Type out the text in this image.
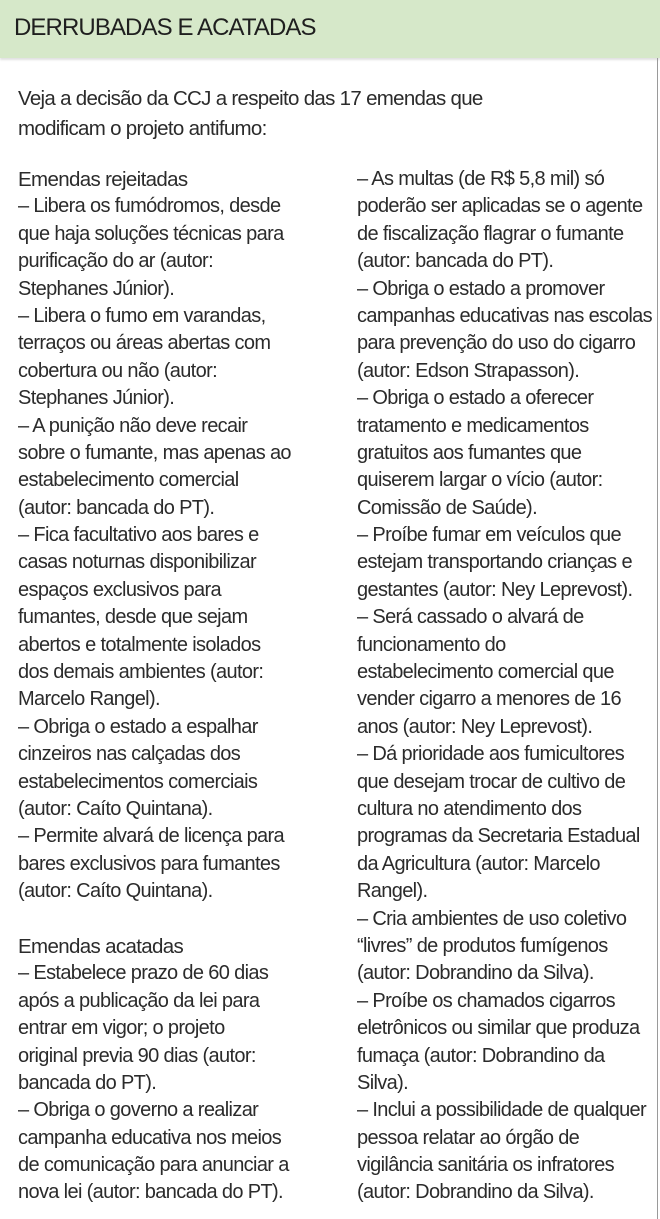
DERRUBADAS E ACATADAS
Veja a decisão da CCJ a respeito das 17 emendas que
modificam o projeto antifumo:
Emendas rejeitadas
– Libera os fumódromos, desde
que haja soluções técnicas para
purificação do ar (autor:
Stephanes Júnior).
– Libera o fumo em varandas,
terraços ou áreas abertas com
cobertura ou não (autor:
Stephanes Júnior).
– A punição não deve recair
sobre o fumante, mas apenas ao
estabelecimento comercial
(autor: bancada do PT).
– Fica facultativo aos bares e
casas noturnas disponibilizar
espaços exclusivos para
fumantes, desde que sejam
abertos e totalmente isolados
dos demais ambientes (autor:
Marcelo Rangel).
– Obriga o estado a espalhar
cinzeiros nas calçadas dos
estabelecimentos comerciais
(autor: Caíto Quintana).
– Permite alvará de licença para
bares exclusivos para fumantes
(autor: Caíto Quintana).
Emendas acatadas
– Estabelece prazo de 60 dias
após a publicação da lei para
entrar em vigor; o projeto
original previa 90 dias (autor:
bancada do PT).
– Obriga o governo a realizar
campanha educativa nos meios
de comunicação para anunciar a
nova lei (autor: bancada do PT).
– As multas (de R$ 5,8 mil) só
poderão ser aplicadas se o agente
de fiscalização flagrar o fumante
(autor: bancada do PT).
– Obriga o estado a promover
campanhas educativas nas escolas
para prevenção do uso do cigarro
(autor: Edson Strapasson).
– Obriga o estado a oferecer
tratamento e medicamentos
gratuitos aos fumantes que
quiserem largar o vício (autor:
Comissão de Saúde).
– Proíbe fumar em veículos que
estejam transportando crianças e
gestantes (autor: Ney Leprevost).
– Será cassado o alvará de
funcionamento do
estabelecimento comercial que
vender cigarro a menores de 16
anos (autor: Ney Leprevost).
– Dá prioridade aos fumicultores
que desejam trocar de cultivo de
cultura no atendimento dos
programas da Secretaria Estadual
da Agricultura (autor: Marcelo
Rangel).
– Cria ambientes de uso coletivo
“livres” de produtos fumígenos
(autor: Dobrandino da Silva).
– Proíbe os chamados cigarros
eletrônicos ou similar que produza
fumaça (autor: Dobrandino da
Silva).
– Inclui a possibilidade de qualquer
pessoa relatar ao órgão de
vigilância sanitária os infratores
(autor: Dobrandino da Silva).
